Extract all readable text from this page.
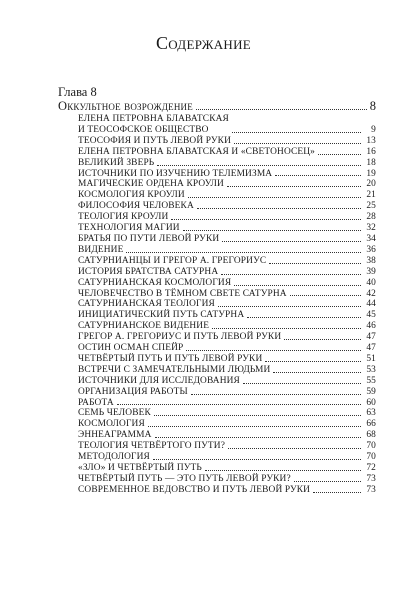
Содержание
Глава 8
Оккультное возрождение	8
ЕЛЕНА ПЕТРОВНА БЛАВАТСКАЯ
И ТЕОСОФСКОЕ ОБЩЕСТВО	9
ТЕОСОФИЯ И ПУТЬ ЛЕВОЙ РУКИ	13
ЕЛЕНА ПЕТРОВНА БЛАВАТСКАЯ И «СВЕТОНОСЕЦ»	16
ВЕЛИКИЙ ЗВЕРЬ	18
ИСТОЧНИКИ ПО ИЗУЧЕНИЮ ТЕЛЕМИЗМА	19
МАГИЧЕСКИЕ ОРДЕНА КРОУЛИ	20
КОСМОЛОГИЯ КРОУЛИ	21
ФИЛОСОФИЯ ЧЕЛОВЕКА	25
ТЕОЛОГИЯ КРОУЛИ	28
ТЕХНОЛОГИЯ МАГИИ	32
БРАТЬЯ ПО ПУТИ ЛЕВОЙ РУКИ	34
ВИДЕНИЕ	36
САТУРНИАНЦЫ И ГРЕГОР А. ГРЕГОРИУС	38
ИСТОРИЯ БРАТСТВА САТУРНА	39
САТУРНИАНСКАЯ КОСМОЛОГИЯ	40
ЧЕЛОВЕЧЕСТВО В ТЁМНОМ СВЕТЕ САТУРНА	42
САТУРНИАНСКАЯ ТЕОЛОГИЯ	44
ИНИЦИАТИЧЕСКИЙ ПУТЬ САТУРНА	45
САТУРНИАНСКОЕ ВИДЕНИЕ	46
ГРЕГОР А. ГРЕГОРИУС И ПУТЬ ЛЕВОЙ РУКИ	47
ОСТИН ОСМАН СПЕЙР	47
ЧЕТВЁРТЫЙ ПУТЬ И ПУТЬ ЛЕВОЙ РУКИ	51
ВСТРЕЧИ С ЗАМЕЧАТЕЛЬНЫМИ ЛЮДЬМИ	53
ИСТОЧНИКИ ДЛЯ ИССЛЕДОВАНИЯ	55
ОРГАНИЗАЦИЯ РАБОТЫ	59
РАБОТА	60
СЕМЬ ЧЕЛОВЕК	63
КОСМОЛОГИЯ	66
ЭННЕАГРАММА	68
ТЕОЛОГИЯ ЧЕТВЁРТОГО ПУТИ?	70
МЕТОДОЛОГИЯ	70
«ЗЛО» И ЧЕТВЁРТЫЙ ПУТЬ	72
ЧЕТВЁРТЫЙ ПУТЬ — ЭТО ПУТЬ ЛЕВОЙ РУКИ?	73
СОВРЕМЕННОЕ ВЕДОВСТВО И ПУТЬ ЛЕВОЙ РУКИ	73
